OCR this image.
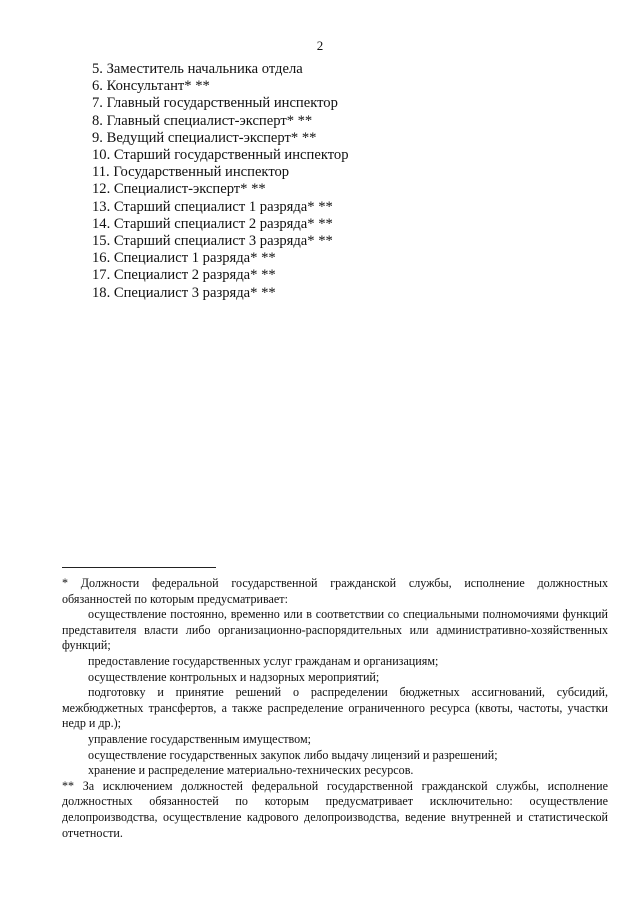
2
5. Заместитель начальника отдела
6. Консультант* **
7. Главный государственный инспектор
8. Главный специалист-эксперт* **
9. Ведущий специалист-эксперт* **
10. Старший государственный инспектор
11. Государственный инспектор
12. Специалист-эксперт* **
13. Старший специалист 1 разряда* **
14. Старший специалист 2 разряда* **
15. Старший специалист 3 разряда* **
16. Специалист 1 разряда* **
17. Специалист 2 разряда* **
18. Специалист 3 разряда* **

* Должности федеральной государственной гражданской службы, исполнение должностных обязанностей по которым предусматривает:

осуществление постоянно, временно или в соответствии со специальными полномочиями функций представителя власти либо организационно-распорядительных или административно-хозяйственных функций;

предоставление государственных услуг гражданам и организациям;

осуществление контрольных и надзорных мероприятий;

подготовку и принятие решений о распределении бюджетных ассигнований, субсидий, межбюджетных трансфертов, а также распределение ограниченного ресурса (квоты, частоты, участки недр и др.);

управление государственным имуществом;

осуществление государственных закупок либо выдачу лицензий и разрешений;

хранение и распределение материально-технических ресурсов.

** За исключением должностей федеральной государственной гражданской службы, исполнение должностных обязанностей по которым предусматривает исключительно: осуществление делопроизводства, осуществление кадрового делопроизводства, ведение внутренней и статистической отчетности.
